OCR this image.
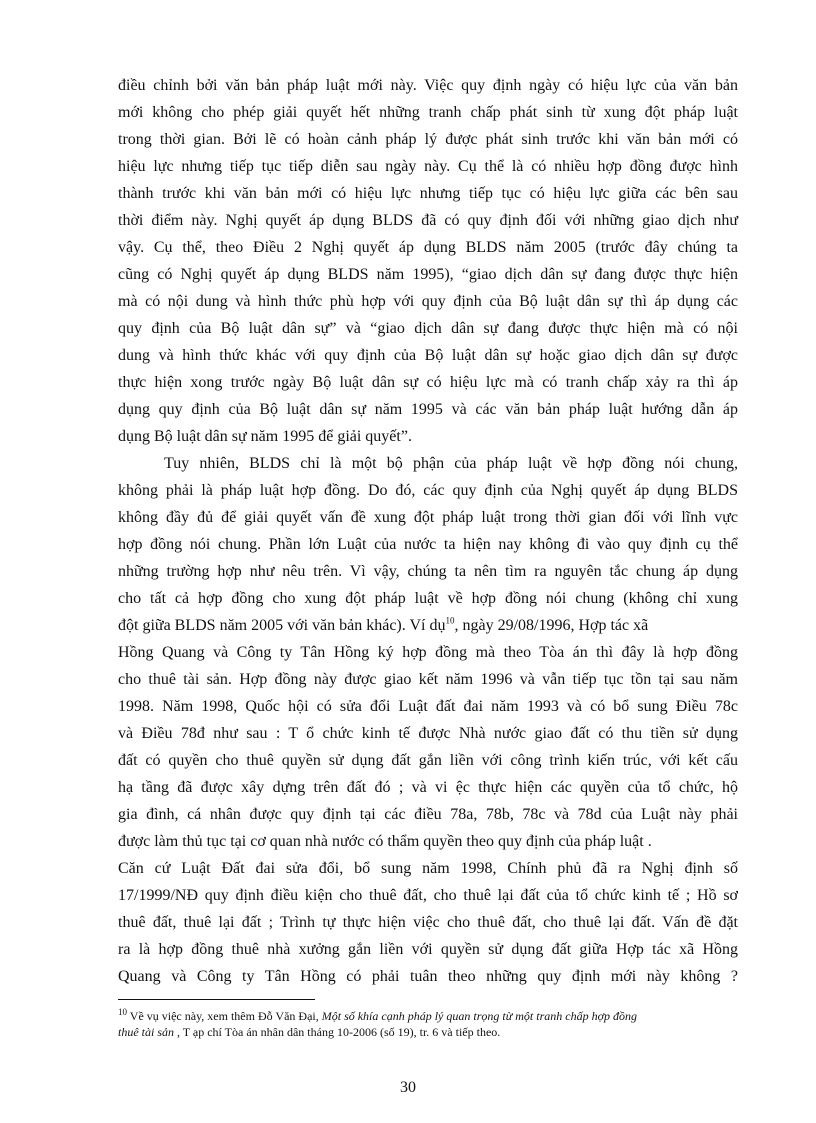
điều chỉnh bởi văn bản pháp luật mới này. Việc quy định ngày có hiệu lực của văn bản
mới không cho phép giải quyết hết những tranh chấp phát sinh từ xung đột pháp luật
trong thời gian. Bởi lẽ có hoàn cảnh pháp lý được phát sinh trước khi văn bản mới có
hiệu lực nhưng tiếp tục tiếp diễn sau ngày này. Cụ thể là có nhiều hợp đồng được hình
thành trước khi văn bản mới có hiệu lực nhưng tiếp tục có hiệu lực giữa các bên sau
thời điểm này. Nghị quyết áp dụng BLDS đã có quy định đối với những giao dịch như
vậy. Cụ thể, theo Điều 2 Nghị quyết áp dụng BLDS năm 2005 (trước đây chúng ta
cũng có Nghị quyết áp dụng BLDS năm 1995), “giao dịch dân sự đang được thực hiện
mà có nội dung và hình thức phù hợp với quy định của Bộ luật dân sự thì áp dụng các
quy định của Bộ luật dân sự” và “giao dịch dân sự đang được thực hiện mà có nội
dung và hình thức khác với quy định của Bộ luật dân sự hoặc giao dịch dân sự được
thực hiện xong trước ngày Bộ luật dân sự có hiệu lực mà có tranh chấp xảy ra thì áp
dụng quy định của Bộ luật dân sự năm 1995 và các văn bản pháp luật hướng dẫn áp
dụng Bộ luật dân sự năm 1995 để giải quyết”.
Tuy nhiên, BLDS chỉ là một bộ phận của pháp luật về hợp đồng nói chung,
không phải là pháp luật hợp đồng. Do đó, các quy định của Nghị quyết áp dụng BLDS
không đầy đủ để giải quyết vấn đề xung đột pháp luật trong thời gian đối với lĩnh vực
hợp đồng nói chung. Phần lớn Luật của nước ta hiện nay không đi vào quy định cụ thể
những trường hợp như nêu trên. Vì vậy, chúng ta nên tìm ra nguyên tắc chung áp dụng
cho tất cả hợp đồng cho xung đột pháp luật về hợp đồng nói chung (không chỉ xung
đột giữa BLDS năm 2005 với văn bản khác). Ví dụ$^{10}$, ngày 29/08/1996, Hợp tác xã
Hồng Quang và Công ty Tân Hồng ký hợp đồng mà theo Tòa án thì đây là hợp đồng
cho thuê tài sản. Hợp đồng này được giao kết năm 1996 và vẫn tiếp tục tồn tại sau năm
1998. Năm 1998, Quốc hội có sửa đổi Luật đất đai năm 1993 và có bổ sung Điều 78c
và Điều 78đ như sau : T ổ chức kinh tế được Nhà nước giao đất có thu tiền sử dụng
đất có quyền cho thuê quyền sử dụng đất gắn liền với công trình kiến trúc, với kết cấu
hạ tầng đã được xây dựng trên đất đó ; và vi ệc thực hiện các quyền của tổ chức, hộ
gia đình, cá nhân được quy định tại các điều 78a, 78b, 78c và 78d của Luật này phải
được làm thủ tục tại cơ quan nhà nước có thẩm quyền theo quy định của pháp luật .
Căn cứ Luật Đất đai sửa đổi, bổ sung năm 1998, Chính phủ đã ra Nghị định số
17/1999/NĐ quy định điều kiện cho thuê đất, cho thuê lại đất của tổ chức kinh tế ; Hồ sơ
thuê đất, thuê lại đất ; Trình tự thực hiện việc cho thuê đất, cho thuê lại đất. Vấn đề đặt
ra là hợp đồng thuê nhà xưởng gắn liền với quyền sử dụng đất giữa Hợp tác xã Hồng
Quang và Công ty Tân Hồng có phải tuân theo những quy định mới này không ?
$^{10}$ Về vụ việc này, xem thêm Đỗ Văn Đại, Một số khía cạnh pháp lý quan trọng từ một tranh chấp hợp đồng
thuê tài sản , T ạp chí Tòa án nhân dân tháng 10-2006 (số 19), tr. 6 và tiếp theo.
30
